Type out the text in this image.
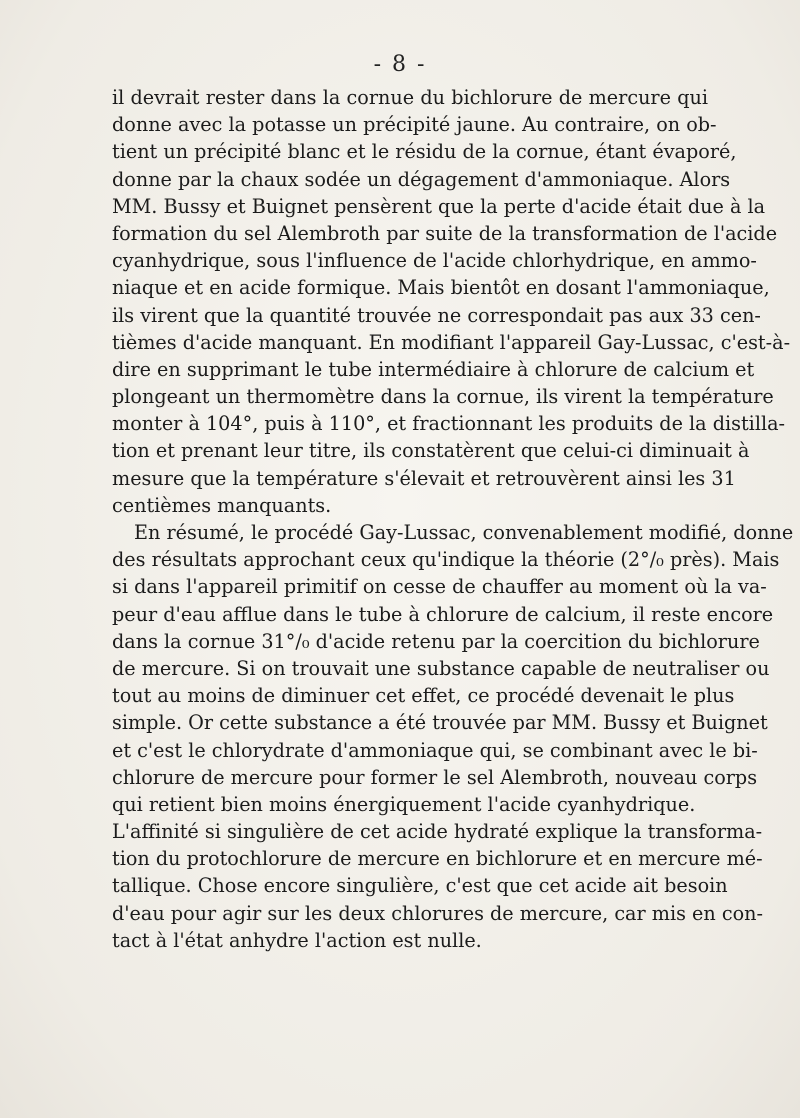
- 8 -
il devrait rester dans la cornue du bichlorure de mercure qui
donne avec la potasse un précipité jaune. Au contraire, on ob-
tient un précipité blanc et le résidu de la cornue, étant évaporé,
donne par la chaux sodée un dégagement d'ammoniaque. Alors
MM. Bussy et Buignet pensèrent que la perte d'acide était due à la
formation du sel Alembroth par suite de la transformation de l'acide
cyanhydrique, sous l'influence de l'acide chlorhydrique, en ammo-
niaque et en acide formique. Mais bientôt en dosant l'ammoniaque,
ils virent que la quantité trouvée ne correspondait pas aux 33 cen-
tièmes d'acide manquant. En modifiant l'appareil Gay-Lussac, c'est-à-
dire en supprimant le tube intermédiaire à chlorure de calcium et
plongeant un thermomètre dans la cornue, ils virent la température
monter à 104°, puis à 110°, et fractionnant les produits de la distilla-
tion et prenant leur titre, ils constatèrent que celui-ci diminuait à
mesure que la température s'élevait et retrouvèrent ainsi les 31
centièmes manquants.
En résumé, le procédé Gay-Lussac, convenablement modifié, donne
des résultats approchant ceux qu'indique la théorie (2°/₀ près). Mais
si dans l'appareil primitif on cesse de chauffer au moment où la va-
peur d'eau afflue dans le tube à chlorure de calcium, il reste encore
dans la cornue 31°/₀ d'acide retenu par la coercition du bichlorure
de mercure. Si on trouvait une substance capable de neutraliser ou
tout au moins de diminuer cet effet, ce procédé devenait le plus
simple. Or cette substance a été trouvée par MM. Bussy et Buignet
et c'est le chlorydrate d'ammoniaque qui, se combinant avec le bi-
chlorure de mercure pour former le sel Alembroth, nouveau corps
qui retient bien moins énergiquement l'acide cyanhydrique.
L'affinité si singulière de cet acide hydraté explique la transforma-
tion du protochlorure de mercure en bichlorure et en mercure mé-
tallique. Chose encore singulière, c'est que cet acide ait besoin
d'eau pour agir sur les deux chlorures de mercure, car mis en con-
tact à l'état anhydre l'action est nulle.
